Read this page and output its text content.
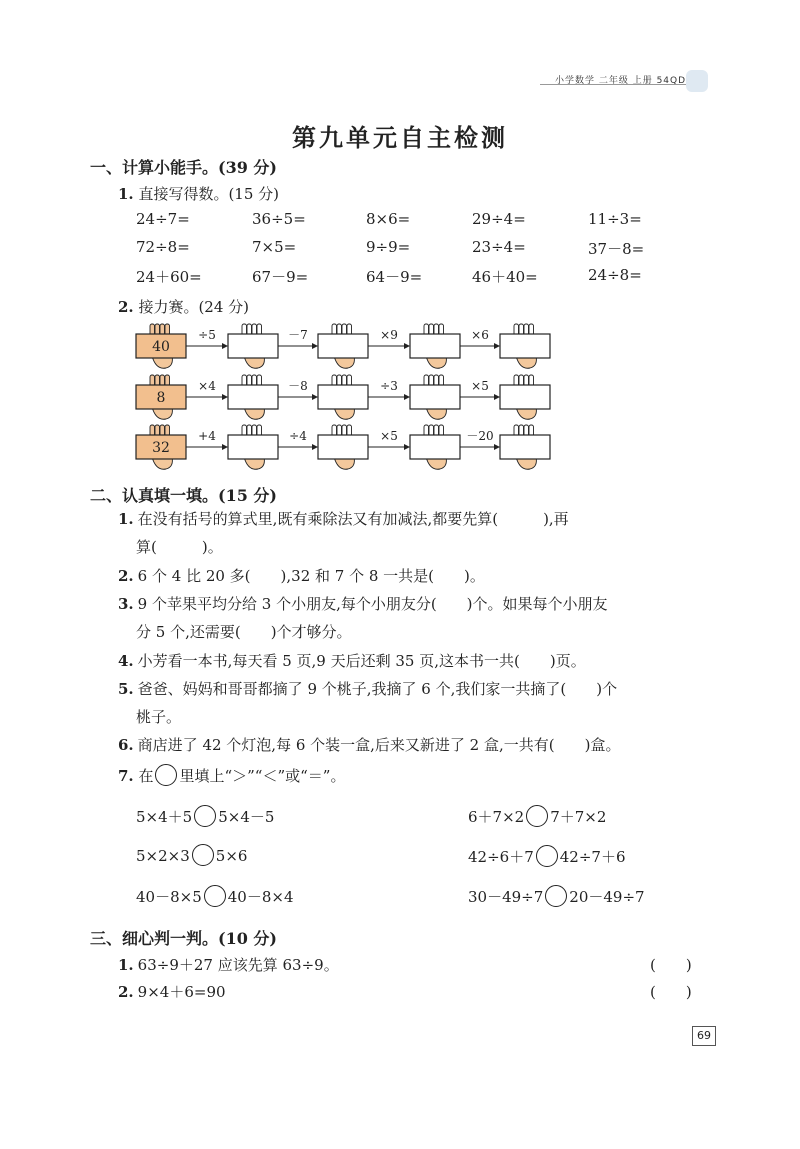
小学数学 二年级 上册 54QD
第九单元自主检测
一、计算小能手。(39 分)
1. 直接写得数。(15 分)
2. 接力赛。(24 分)
40
÷5	－7	×9	×6
8
×4	－8	÷3	×5
32
+4	÷4	×5	－20
二、认真填一填。(15 分)
7. 在 里填上“＞”“＜”或“＝”。
三、细心判一判。(10 分)
69
24÷7=	36÷5=	8×6=	29÷4=	11÷3=
72÷8=	7×5=	9÷9=	23÷4=	37－8=
24＋60=	67－9=	64－9=	46＋40=	24÷8=
1. 在没有括号的算式里,既有乘除法又有加减法,都要先算(　　　),再
算(　　　)。
2. 6 个 4 比 20 多(　　),32 和 7 个 8 一共是(　　)。
3. 9 个苹果平均分给 3 个小朋友,每个小朋友分(　　)个。如果每个小朋友
分 5 个,还需要(　　)个才够分。
4. 小芳看一本书,每天看 5 页,9 天后还剩 35 页,这本书一共(　　)页。
5. 爸爸、妈妈和哥哥都摘了 9 个桃子,我摘了 6 个,我们家一共摘了(　　)个
桃子。
6. 商店进了 42 个灯泡,每 6 个装一盒,后来又新进了 2 盒,一共有(　　)盒。
5×4＋5 5×4－5	6＋7×2 7＋7×2
5×2×3 5×6	42÷6＋7 42÷7＋6
40－8×5 40－8×4	30－49÷7 20－49÷7
1. 63÷9＋27 应该先算 63÷9。	(　　)
2. 9×4＋6=90	(　　)
